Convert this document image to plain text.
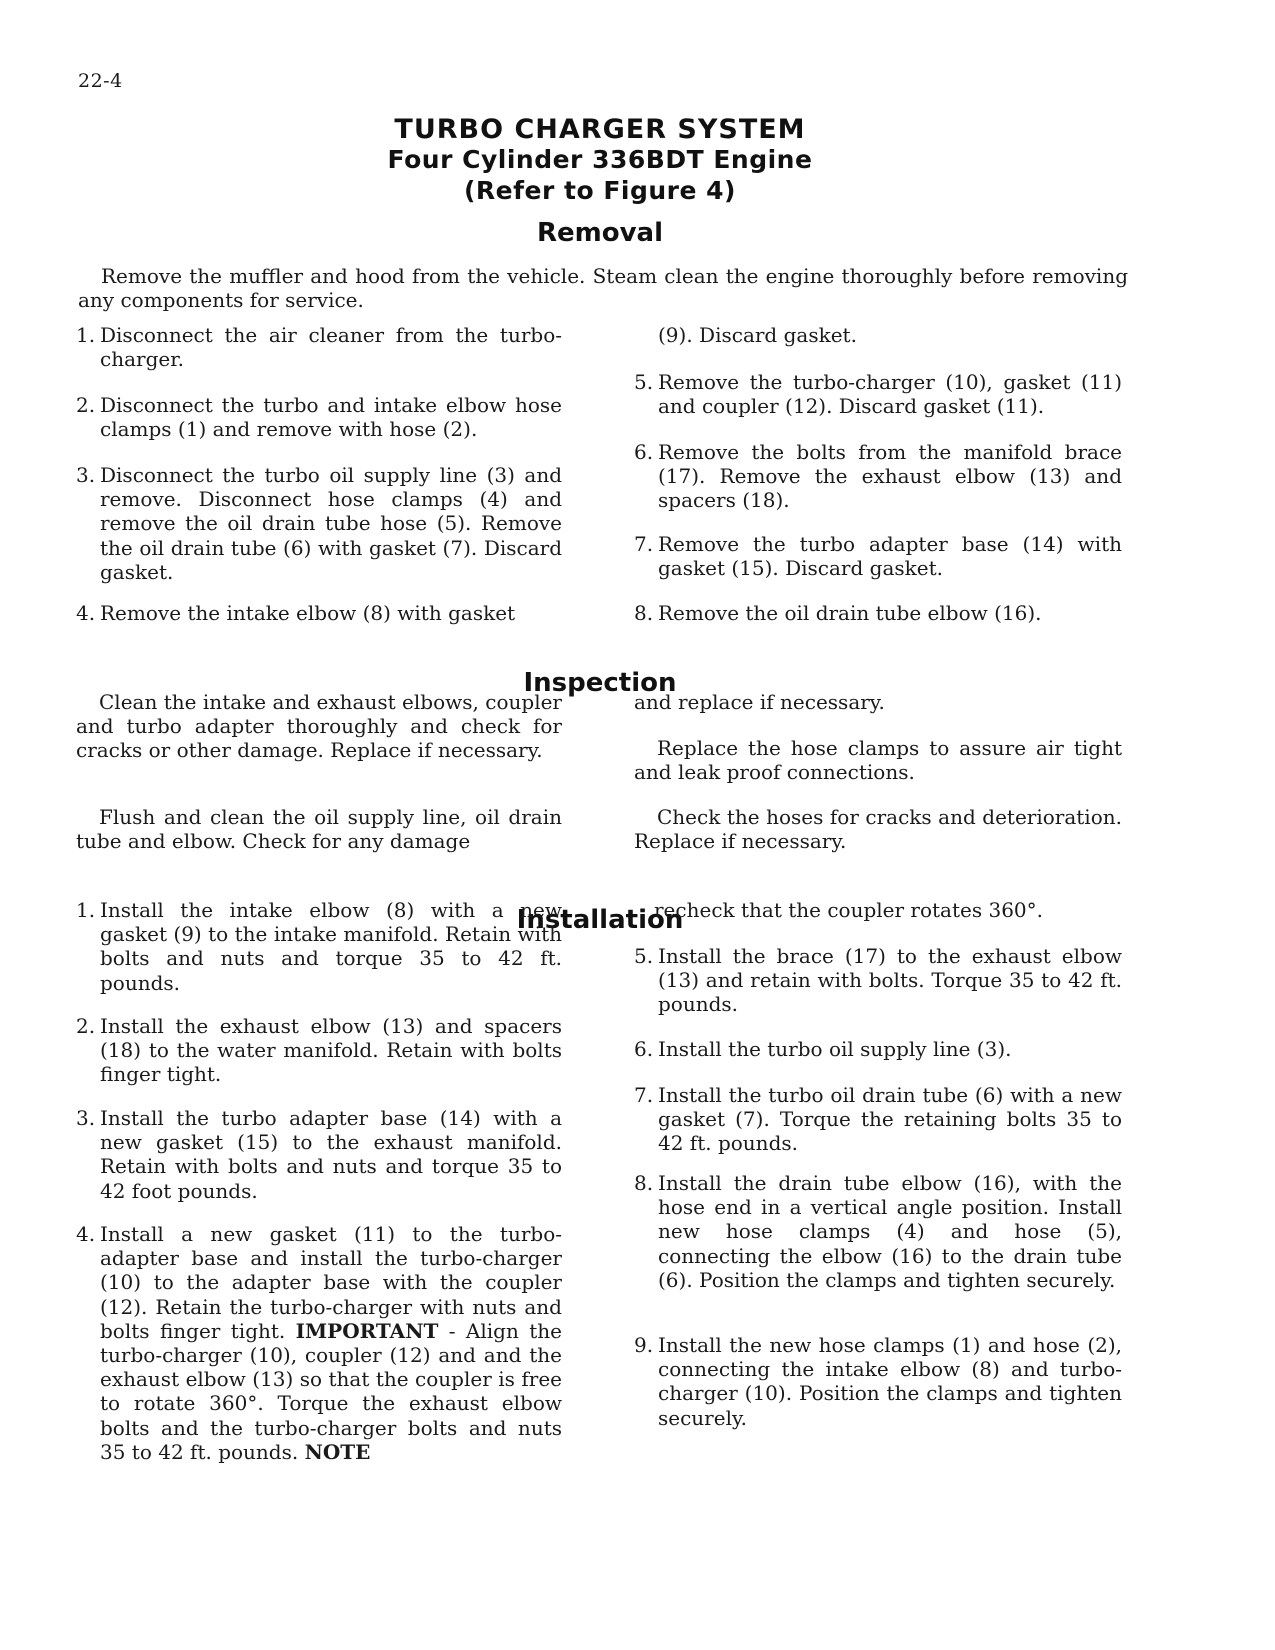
22-4
TURBO CHARGER SYSTEM
Four Cylinder 336BDT Engine
(Refer to Figure 4)
Removal

Remove the muffler and hood from the vehicle. Steam clean the engine thoroughly before removing any components for service.

1. Disconnect the air cleaner from the turbo-charger.
2. Disconnect the turbo and intake elbow hose clamps (1) and remove with hose (2).
3. Disconnect the turbo oil supply line (3) and remove. Disconnect hose clamps (4) and remove the oil drain tube hose (5). Remove the oil drain tube (6) with gasket (7). Discard gasket.
4. Remove the intake elbow (8) with gasket
(9). Discard gasket.
5. Remove the turbo-charger (10), gasket (11) and coupler (12). Discard gasket (11).
6. Remove the bolts from the manifold brace (17). Remove the exhaust elbow (13) and spacers (18).
7. Remove the turbo adapter base (14) with gasket (15). Discard gasket.
8. Remove the oil drain tube elbow (16).
Inspection

Clean the intake and exhaust elbows, coupler and turbo adapter thoroughly and check for cracks or other damage. Replace if necessary.

Flush and clean the oil supply line, oil drain tube and elbow. Check for any damage

and replace if necessary.

Replace the hose clamps to assure air tight and leak proof connections.

Check the hoses for cracks and deterioration. Replace if necessary.

Installation
1. Install the intake elbow (8) with a new gasket (9) to the intake manifold. Retain with bolts and nuts and torque 35 to 42 ft. pounds.
2. Install the exhaust elbow (13) and spacers (18) to the water manifold. Retain with bolts finger tight.
3. Install the turbo adapter base (14) with a new gasket (15) to the exhaust manifold. Retain with bolts and nuts and torque 35 to 42 foot pounds.
4. Install a new gasket (11) to the turbo-adapter base and install the turbo-charger (10) to the adapter base with the coupler (12). Retain the turbo-charger with nuts and bolts finger tight. IMPORTANT - Align the turbo-charger (10), coupler (12) and and the exhaust elbow (13) so that the coupler is free to rotate 360°. Torque the exhaust elbow bolts and the turbo-charger bolts and nuts 35 to 42 ft. pounds. NOTE
recheck that the coupler rotates 360°.
5. Install the brace (17) to the exhaust elbow (13) and retain with bolts. Torque 35 to 42 ft. pounds.
6. Install the turbo oil supply line (3).
7. Install the turbo oil drain tube (6) with a new gasket (7). Torque the retaining bolts 35 to 42 ft. pounds.
8. Install the drain tube elbow (16), with the hose end in a vertical angle position. Install new hose clamps (4) and hose (5), connecting the elbow (16) to the drain tube (6). Position the clamps and tighten securely.
9. Install the new hose clamps (1) and hose (2), connecting the intake elbow (8) and turbo-charger (10). Position the clamps and tighten securely.
